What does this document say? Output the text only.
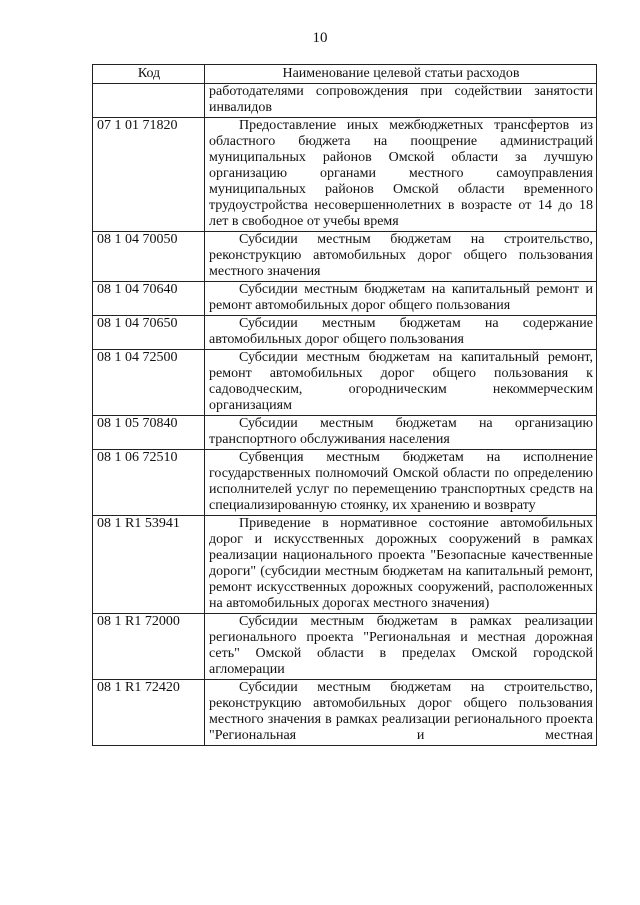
10
Код	Наименование целевой статьи расходов
	работодателями сопровождения при содействии занятости инвалидов
07 1 01 71820	Предоставление иных межбюджетных трансфертов из областного бюджета на поощрение администраций муниципальных районов Омской области за лучшую организацию органами местного самоуправления муниципальных районов Омской области временного трудоустройства несовершеннолетних в возрасте от 14 до 18 лет в свободное от учебы время
08 1 04 70050	Субсидии местным бюджетам на строительство, реконструкцию автомобильных дорог общего пользования местного значения
08 1 04 70640	Субсидии местным бюджетам на капитальный ремонт и ремонт автомобильных дорог общего пользования
08 1 04 70650	Субсидии местным бюджетам на содержание автомобильных дорог общего пользования
08 1 04 72500	Субсидии местным бюджетам на капитальный ремонт, ремонт автомобильных дорог общего пользования к садоводческим, огородническим некоммерческим организациям
08 1 05 70840	Субсидии местным бюджетам на организацию транспортного обслуживания населения
08 1 06 72510	Субвенция местным бюджетам на исполнение государственных полномочий Омской области по определению исполнителей услуг по перемещению транспортных средств на специализированную стоянку, их хранению и возврату
08 1 R1 53941	Приведение в нормативное состояние автомобильных дорог и искусственных дорожных сооружений в рамках реализации национального проекта "Безопасные качественные дороги" (субсидии местным бюджетам на капитальный ремонт, ремонт искусственных дорожных сооружений, расположенных на автомобильных дорогах местного значения)
08 1 R1 72000	Субсидии местным бюджетам в рамках реализации регионального проекта "Региональная и местная дорожная сеть" Омской области в пределах Омской городской агломерации
08 1 R1 72420	Субсидии местным бюджетам на строительство, реконструкцию автомобильных дорог общего пользования местного значения в рамках реализации регионального проекта "Региональная и местная
